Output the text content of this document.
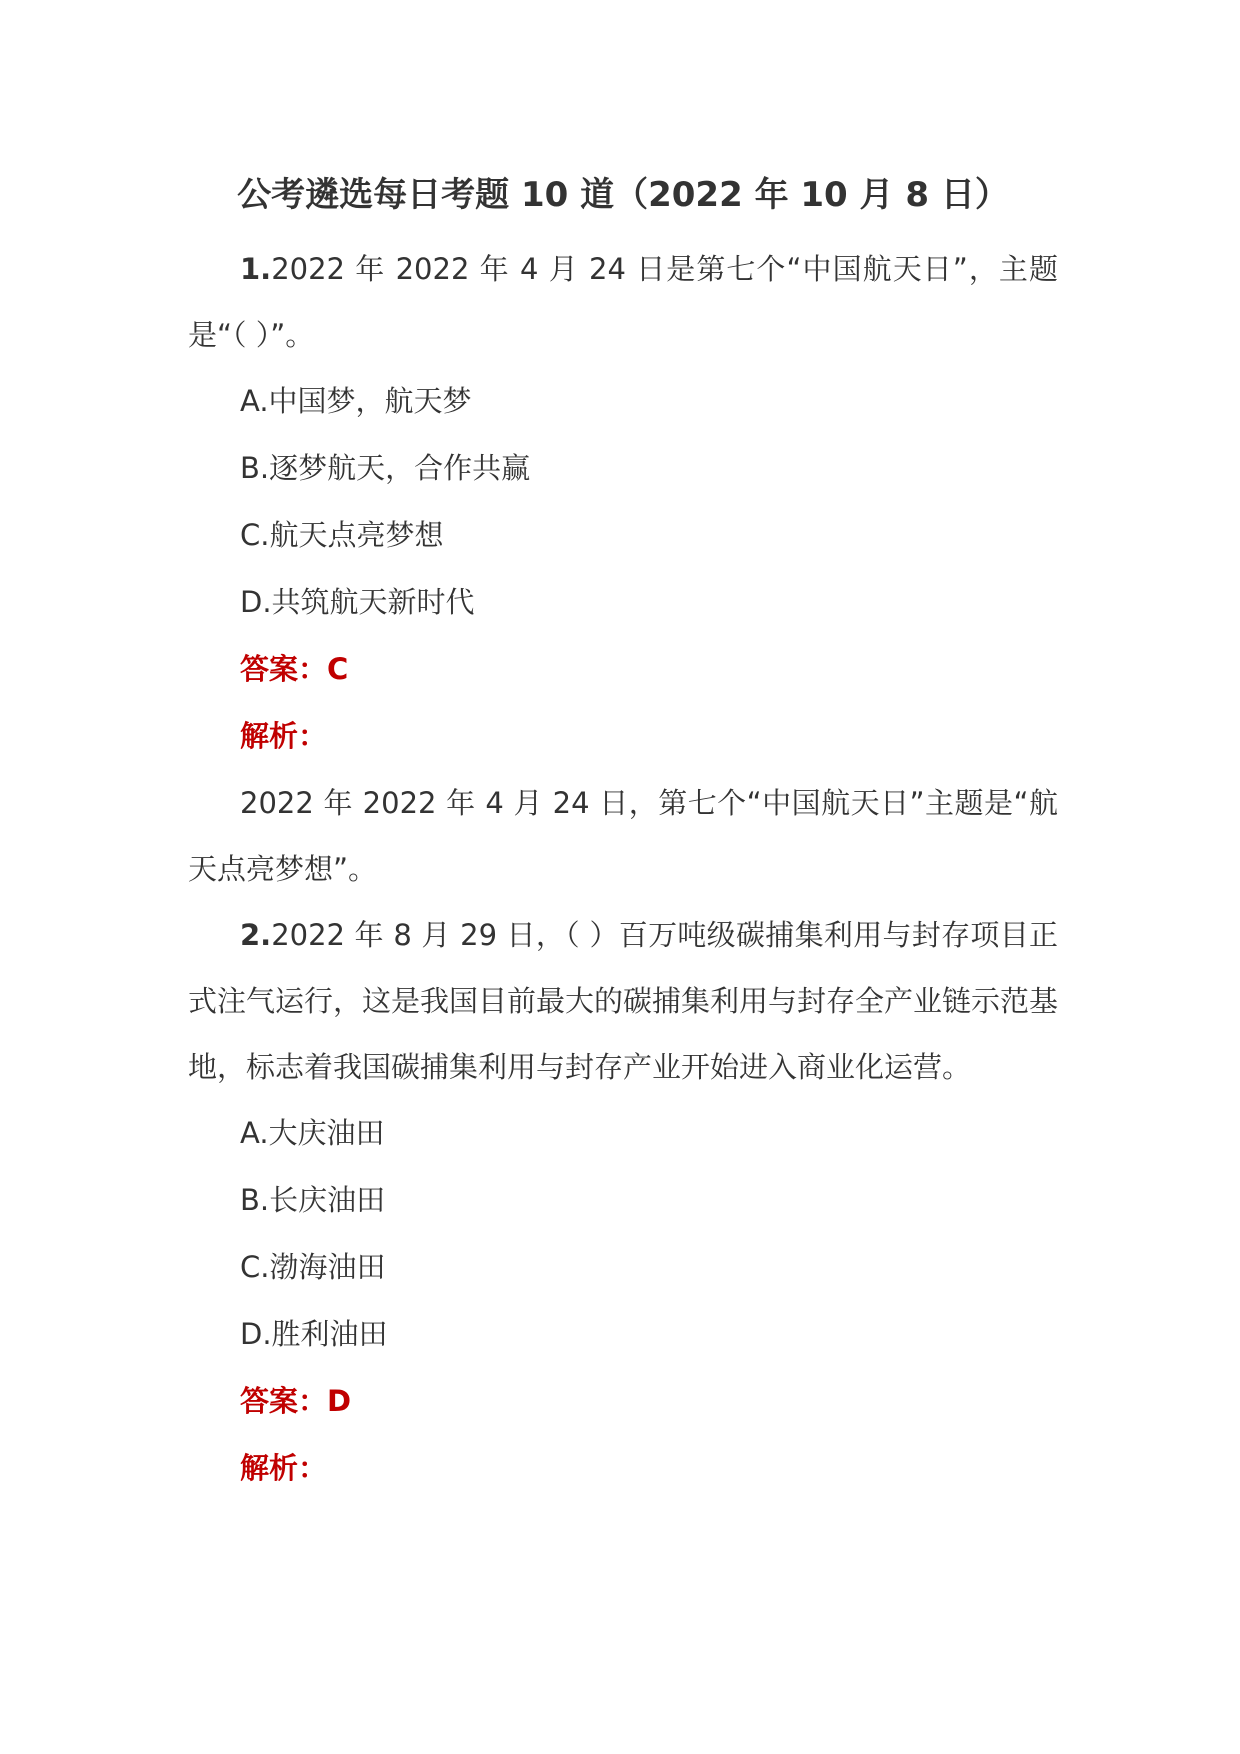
公考遴选每日考题 10 道（2022 年 10 月 8 日）

1.2022 年 2022 年 4 月 24 日是第七个“中国航天日”，主题是“（ ）”。

A.中国梦，航天梦

B.逐梦航天，合作共赢

C.航天点亮梦想

D.共筑航天新时代

答案：C

解析：

2022 年 2022 年 4 月 24 日，第七个“中国航天日”主题是“航天点亮梦想”。

2.2022 年 8 月 29 日，（ ）百万吨级碳捕集利用与封存项目正式注气运行，这是我国目前最大的碳捕集利用与封存全产业链示范基地，标志着我国碳捕集利用与封存产业开始进入商业化运营。

A.大庆油田

B.长庆油田

C.渤海油田

D.胜利油田

答案：D

解析：
